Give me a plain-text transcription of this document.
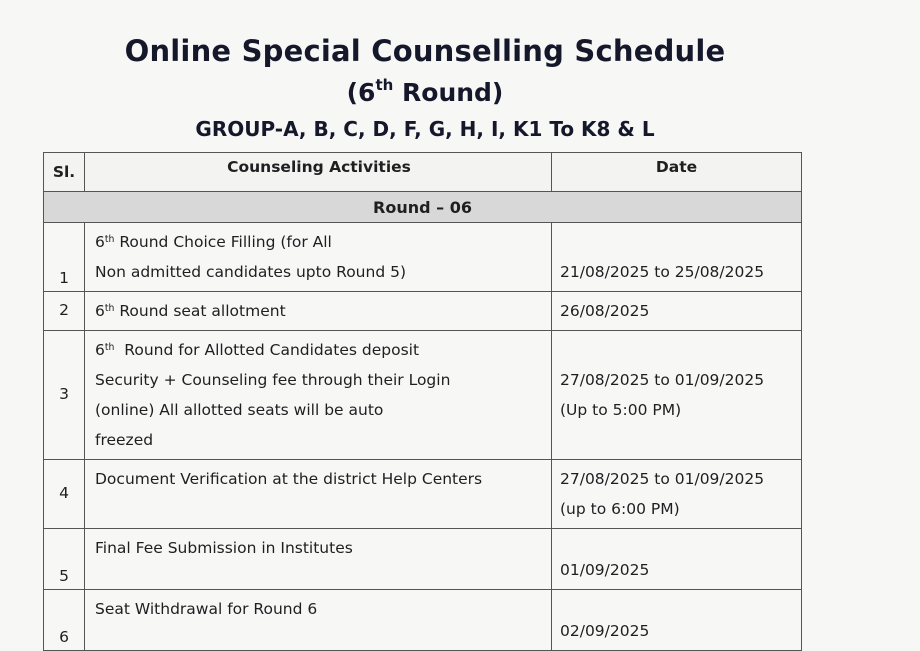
Online Special Counselling Schedule
(6th Round)
GROUP-A, B, C, D, F, G, H, I, K1 To K8 & L
Sl.	Counseling Activities	Date
Round – 06		
1	6th Round Choice Filling (for All
Non admitted candidates upto Round 5)	21/08/2025 to 25/08/2025

2	6th Round seat allotment	26/08/2025

3	6th  Round for Allotted Candidates deposit
Security + Counseling fee through their Login
(online) All allotted seats will be auto
freezed	27/08/2025 to 01/09/2025
(Up to 5:00 PM)

4	Document Verification at the district Help Centers	27/08/2025 to 01/09/2025
(up to 6:00 PM)

5	Final Fee Submission in Institutes	01/09/2025

6	Seat Withdrawal for Round 6	02/09/2025
